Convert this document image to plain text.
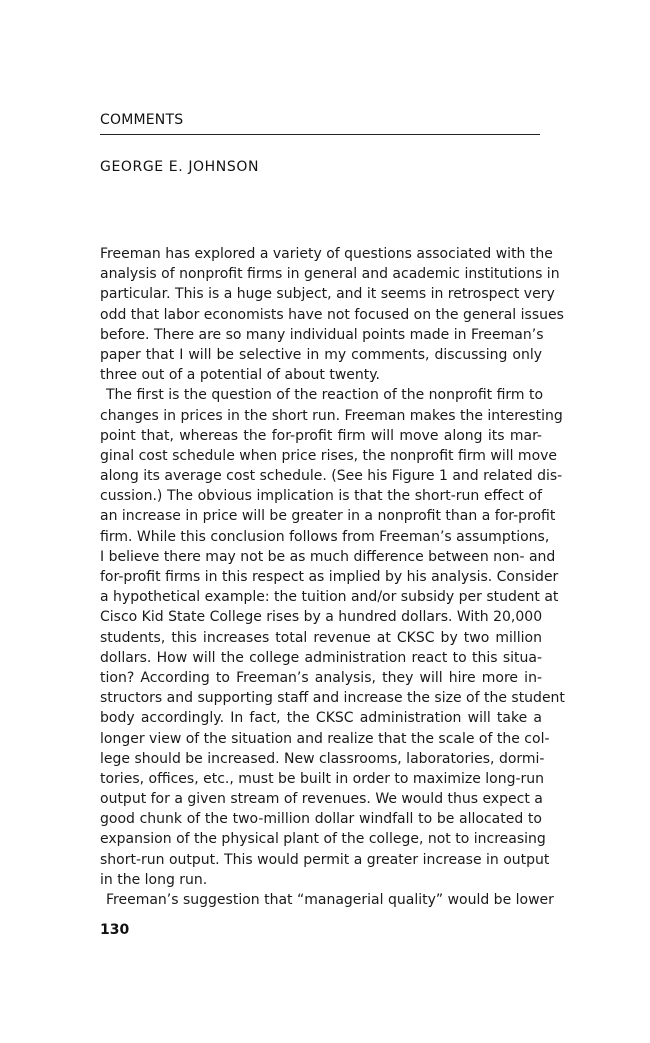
COMMENTS
GEORGE E. JOHNSON
Freeman has explored a variety of questions associated with the
analysis of nonprofit firms in general and academic institutions in
particular. This is a huge subject, and it seems in retrospect very
odd that labor economists have not focused on the general issues
before. There are so many individual points made in Freeman’s
paper that I will be selective in my comments, discussing only
three out of a potential of about twenty.
The first is the question of the reaction of the nonprofit firm to
changes in prices in the short run. Freeman makes the interesting
point that, whereas the for-profit firm will move along its mar-
ginal cost schedule when price rises, the nonprofit firm will move
along its average cost schedule. (See his Figure 1 and related dis-
cussion.) The obvious implication is that the short-run effect of
an increase in price will be greater in a nonprofit than a for-profit
firm. While this conclusion follows from Freeman’s assumptions,
I believe there may not be as much difference between non- and
for-profit firms in this respect as implied by his analysis. Consider
a hypothetical example: the tuition and/or subsidy per student at
Cisco Kid State College rises by a hundred dollars. With 20,000
students, this increases total revenue at CKSC by two million
dollars. How will the college administration react to this situa-
tion? According to Freeman’s analysis, they will hire more in-
structors and supporting staff and increase the size of the student
body accordingly. In fact, the CKSC administration will take a
longer view of the situation and realize that the scale of the col-
lege should be increased. New classrooms, laboratories, dormi-
tories, offices, etc., must be built in order to maximize long-run
output for a given stream of revenues. We would thus expect a
good chunk of the two-million dollar windfall to be allocated to
expansion of the physical plant of the college, not to increasing
short-run output. This would permit a greater increase in output
in the long run.
Freeman’s suggestion that “managerial quality” would be lower
130
